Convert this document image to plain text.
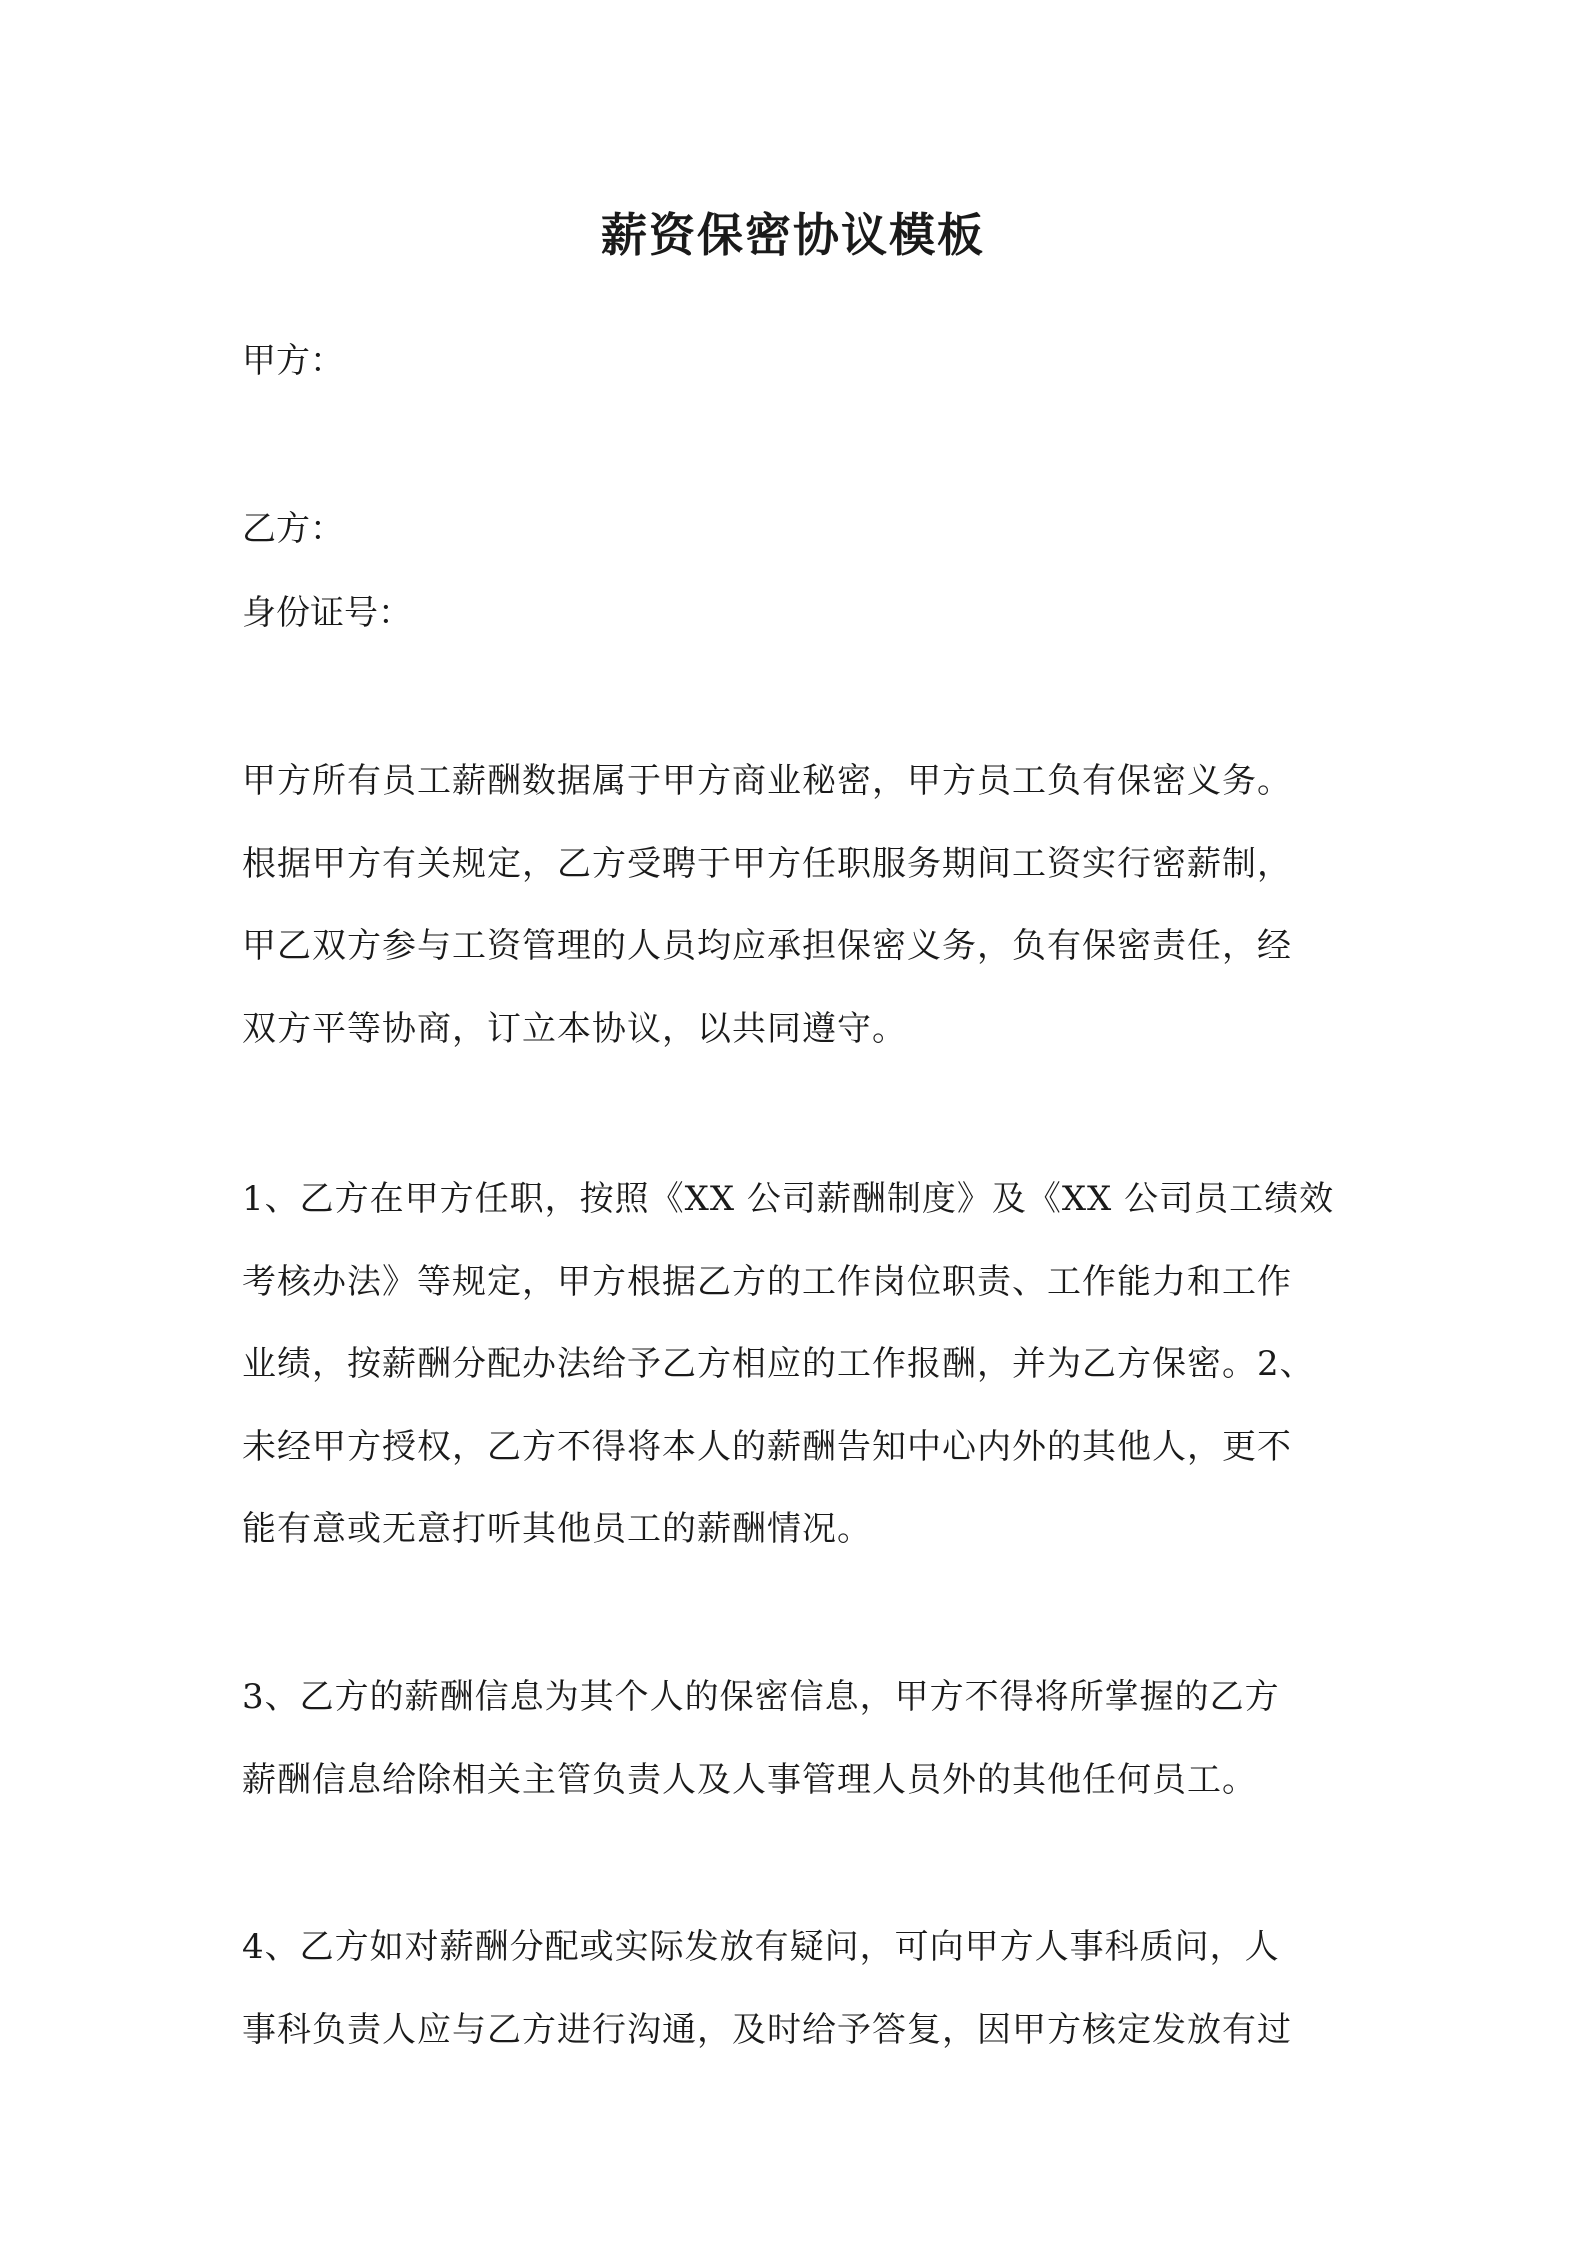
薪资保密协议模板
甲方：
乙方：
身份证号：
甲方所有员工薪酬数据属于甲方商业秘密，甲方员工负有保密义务。
根据甲方有关规定，乙方受聘于甲方任职服务期间工资实行密薪制，
甲乙双方参与工资管理的人员均应承担保密义务，负有保密责任，经
双方平等协商，订立本协议，以共同遵守。
1、乙方在甲方任职，按照《XX 公司薪酬制度》及《XX 公司员工绩效
考核办法》等规定，甲方根据乙方的工作岗位职责、工作能力和工作
业绩，按薪酬分配办法给予乙方相应的工作报酬，并为乙方保密。2、
未经甲方授权，乙方不得将本人的薪酬告知中心内外的其他人，更不
能有意或无意打听其他员工的薪酬情况。
3、乙方的薪酬信息为其个人的保密信息，甲方不得将所掌握的乙方
薪酬信息给除相关主管负责人及人事管理人员外的其他任何员工。
4、乙方如对薪酬分配或实际发放有疑问，可向甲方人事科质问，人
事科负责人应与乙方进行沟通，及时给予答复，因甲方核定发放有过
